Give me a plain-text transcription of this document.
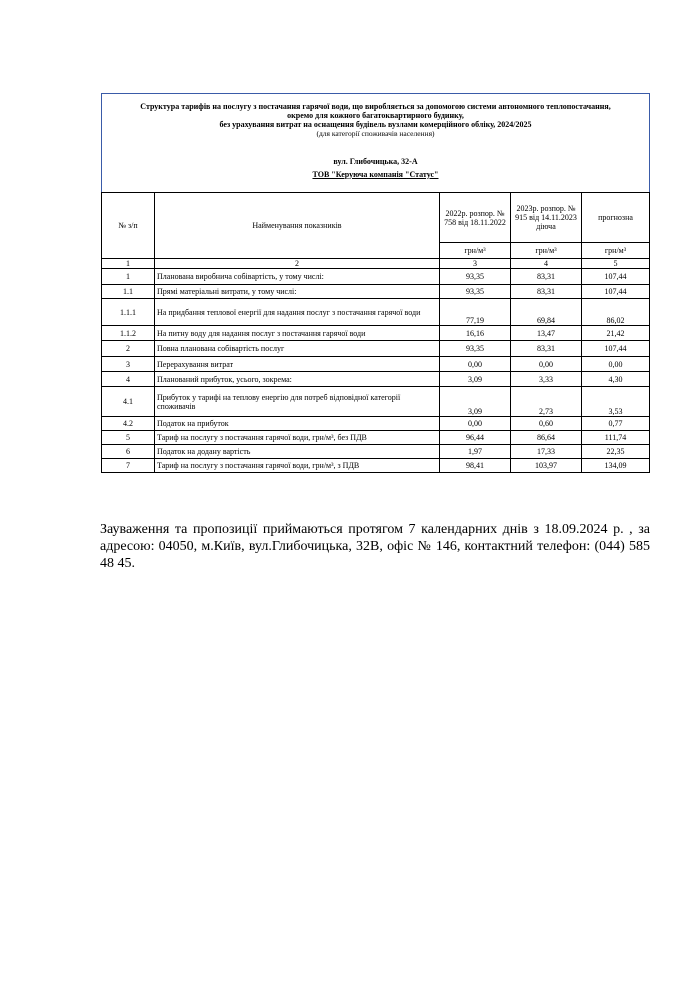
Структура тарифів на послугу з постачання гарячої води, що виробляється за допомогою системи автономного теплопостачання,
окремо для кожного багатоквартирного будинку,
без урахування витрат на оснащення будівель вузлами комерційного обліку, 2024/2025
(для категорії споживачів населення)				

вул. Глибочицька, 32-А				
ТОВ "Керуюча компанія "Статус"				

№ з/п	Найменування показників	2022р. розпор. № 758 від 18.11.2022	2023р. розпор. № 915 від 14.11.2023 діюча	прогнозна
		грн/м³	грн/м³	грн/м³
1	2	3	4	5
1	Планована виробнича собівартість, у тому числі:	93,35	83,31	107,44
1.1	Прямі матеріальні витрати, у тому числі:	93,35	83,31	107,44
1.1.1	На придбання теплової енергії для надання послуг з постачання гарячої води	77,19	69,84	86,02
1.1.2	На питну воду для надання послуг з постачання гарячої води	16,16	13,47	21,42
2	Повна планована собівартість послуг	93,35	83,31	107,44
3	Перерахування витрат	0,00	0,00	0,00
4	Планований прибуток, усього, зокрема:	3,09	3,33	4,30
4.1	Прибуток у тарифі на теплову енергію для потреб відповідної категорії споживачів	3,09	2,73	3,53
4.2	Податок на прибуток	0,00	0,60	0,77
5	Тариф на послугу з постачання гарячої води, грн/м³, без ПДВ	96,44	86,64	111,74
6	Податок на додану вартість	1,97	17,33	22,35
7	Тариф на послугу з постачання гарячої води, грн/м³, з ПДВ	98,41	103,97	134,09
Зауваження та пропозиції приймаються протягом 7 календарних днів з 18.09.2024 р. , за адресою: 04050, м.Київ, вул.Глибочицька, 32В, офіс № 146, контактний телефон: (044) 585 48 45.
